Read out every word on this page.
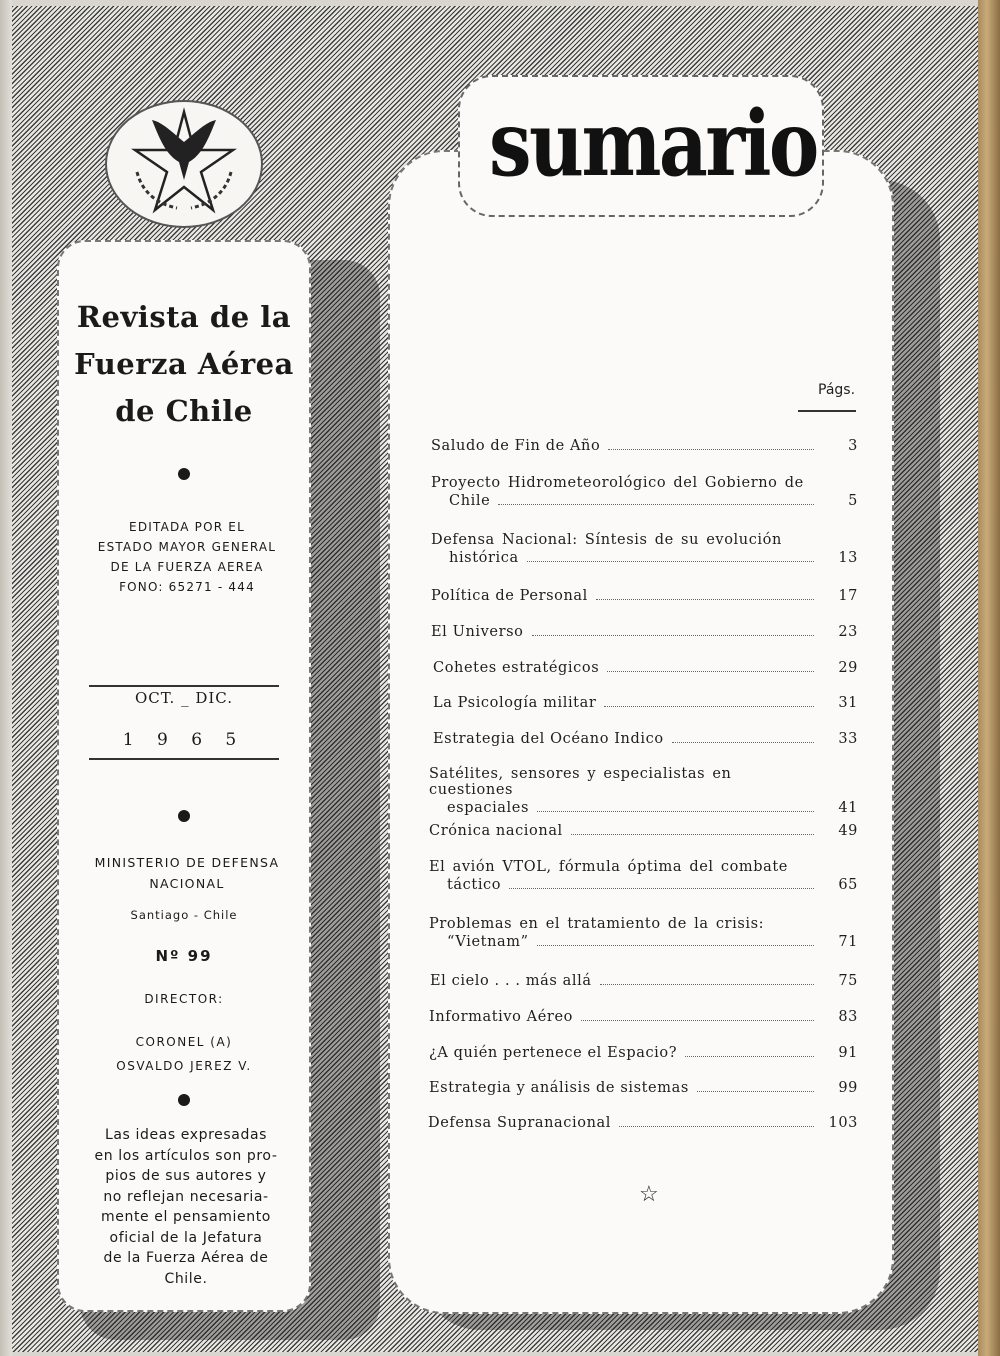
Revista de la
Fuerza Aérea
de Chile
EDITADA POR EL
ESTADO MAYOR GENERAL
DE LA FUERZA AEREA
FONO: 65271 - 444
OCT. _ DIC.
1 9 6 5
MINISTERIO DE DEFENSA
NACIONAL
Santiago - Chile
Nº 99
DIRECTOR:
CORONEL (A)
OSVALDO JEREZ V.
Las ideas expresadas
en los artículos son pro-
pios de sus autores y
no reflejan necesaria-
mente el pensamiento
oficial de la Jefatura
de la Fuerza Aérea de
Chile.
sumario
Págs.
Saludo de Fin de Año	3
Proyecto Hidrometeorológico del Gobierno de
Chile	5
Defensa Nacional: Síntesis de su evolución
histórica	13
Política de Personal	17
El Universo	23
Cohetes estratégicos	29
La Psicología militar	31
Estrategia del Océano Indico	33
Satélites, sensores y especialistas en cuestiones
espaciales	41
Crónica nacional	49
El avión VTOL, fórmula óptima del combate
táctico	65
Problemas en el tratamiento de la crisis:
“Vietnam”	71
El cielo . . . más allá	75
Informativo Aéreo	83
¿A quién pertenece el Espacio?	91
Estrategia y análisis de sistemas	99
Defensa Supranacional	103
☆
